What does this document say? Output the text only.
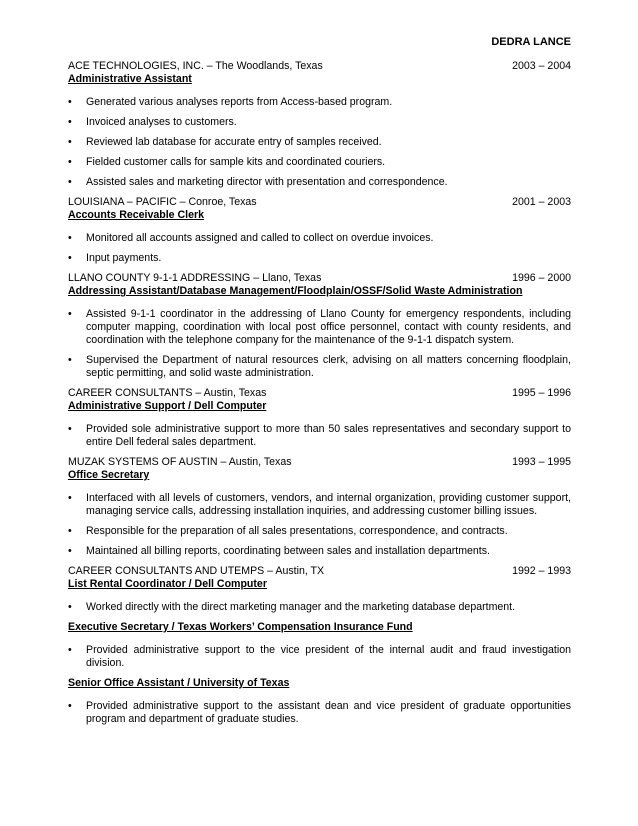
DEDRA LANCE
ACE TECHNOLOGIES, INC. – The Woodlands, Texas	2003 – 2004
Administrative Assistant
• Generated various analyses reports from Access-based program.
• Invoiced analyses to customers.
• Reviewed lab database for accurate entry of samples received.
• Fielded customer calls for sample kits and coordinated couriers.
• Assisted sales and marketing director with presentation and correspondence.
LOUISIANA – PACIFIC – Conroe, Texas	2001 – 2003
Accounts Receivable Clerk
• Monitored all accounts assigned and called to collect on overdue invoices.
• Input payments.
LLANO COUNTY 9-1-1 ADDRESSING – Llano, Texas	1996 – 2000
Addressing Assistant/Database Management/Floodplain/OSSF/Solid Waste Administration
• Assisted 9-1-1 coordinator in the addressing of Llano County for emergency respondents, including computer mapping, coordination with local post office personnel, contact with county residents, and coordination with the telephone company for the maintenance of the 9-1-1 dispatch system.
• Supervised the Department of natural resources clerk, advising on all matters concerning floodplain, septic permitting, and solid waste administration.
CAREER CONSULTANTS – Austin, Texas	1995 – 1996
Administrative Support / Dell Computer
• Provided sole administrative support to more than 50 sales representatives and secondary support to entire Dell federal sales department.
MUZAK SYSTEMS OF AUSTIN – Austin, Texas	1993 – 1995
Office Secretary
• Interfaced with all levels of customers, vendors, and internal organization, providing customer support, managing service calls, addressing installation inquiries, and addressing customer billing issues.
• Responsible for the preparation of all sales presentations, correspondence, and contracts.
• Maintained all billing reports, coordinating between sales and installation departments.
CAREER CONSULTANTS AND UTEMPS – Austin, TX	1992 – 1993
List Rental Coordinator / Dell Computer
• Worked directly with the direct marketing manager and the marketing database department.
Executive Secretary / Texas Workers’ Compensation Insurance Fund
• Provided administrative support to the vice president of the internal audit and fraud investigation division.
Senior Office Assistant / University of Texas
• Provided administrative support to the assistant dean and vice president of graduate opportunities program and department of graduate studies.
